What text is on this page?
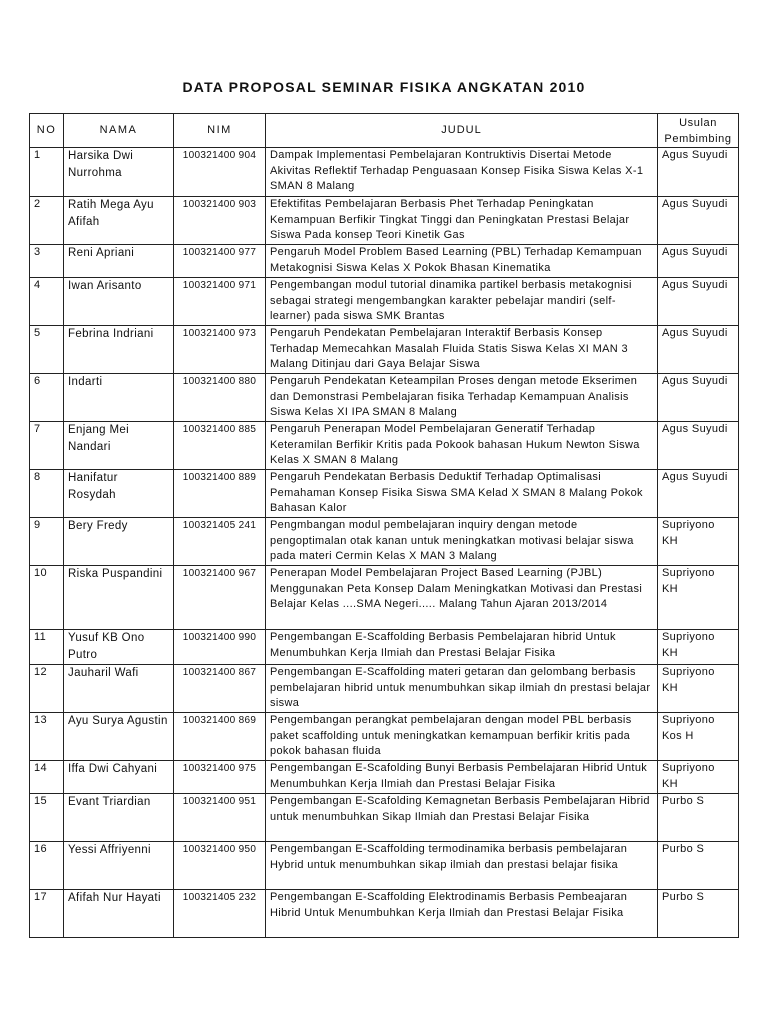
DATA PROPOSAL SEMINAR FISIKA ANGKATAN 2010
NO	NAMA	NIM	JUDUL	Usulan
Pembimbing

1	Harsika Dwi Nurrohma	100321400 904	Dampak Implementasi Pembelajaran Kontruktivis Disertai Metode Akivitas Reflektif Terhadap Penguasaan Konsep Fisika Siswa Kelas X-1 SMAN 8 Malang	Agus Suyudi
2	Ratih Mega Ayu Afifah	100321400 903	Efektifitas Pembelajaran Berbasis Phet Terhadap Peningkatan Kemampuan Berfikir Tingkat Tinggi dan Peningkatan Prestasi Belajar Siswa Pada konsep Teori Kinetik Gas	Agus Suyudi
3	Reni Apriani	100321400 977	Pengaruh Model Problem Based Learning (PBL) Terhadap Kemampuan Metakognisi Siswa Kelas X Pokok Bhasan Kinematika	Agus Suyudi
4	Iwan Arisanto	100321400 971	Pengembangan modul tutorial dinamika partikel berbasis metakognisi sebagai strategi mengembangkan karakter pebelajar mandiri (self-learner) pada siswa SMK Brantas	Agus Suyudi
5	Febrina Indriani	100321400 973	Pengaruh Pendekatan Pembelajaran Interaktif Berbasis Konsep Terhadap Memecahkan Masalah Fluida Statis Siswa Kelas XI MAN 3 Malang Ditinjau dari Gaya Belajar Siswa	Agus Suyudi
6	Indarti	100321400 880	Pengaruh Pendekatan Keteampilan Proses dengan metode Ekserimen dan Demonstrasi Pembelajaran fisika Terhadap Kemampuan Analisis Siswa Kelas XI IPA SMAN 8 Malang	Agus Suyudi
7	Enjang Mei Nandari	100321400 885	Pengaruh Penerapan Model Pembelajaran Generatif Terhadap Keteramilan Berfikir Kritis pada Pokook bahasan Hukum Newton Siswa Kelas X SMAN 8 Malang	Agus Suyudi
8	Hanifatur Rosydah	100321400 889	Pengaruh Pendekatan Berbasis Deduktif Terhadap Optimalisasi Pemahaman Konsep Fisika Siswa SMA Kelad X SMAN 8 Malang Pokok Bahasan Kalor	Agus Suyudi
9	Bery Fredy	100321405 241	Pengmbangan modul pembelajaran inquiry dengan metode pengoptimalan otak kanan untuk meningkatkan motivasi belajar siswa pada materi Cermin Kelas X MAN 3 Malang	Supriyono KH
10	Riska Puspandini	100321400 967	Penerapan Model Pembelajaran Project Based Learning (PJBL) Menggunakan Peta Konsep Dalam Meningkatkan Motivasi dan Prestasi Belajar Kelas ....SMA Negeri..... Malang Tahun Ajaran 2013/2014	Supriyono KH
11	Yusuf KB Ono Putro	100321400 990	Pengembangan E-Scaffolding Berbasis Pembelajaran hibrid Untuk Menumbuhkan Kerja Ilmiah dan Prestasi Belajar Fisika	Supriyono KH
12	Jauharil Wafi	100321400 867	Pengembangan E-Scaffolding materi getaran dan gelombang berbasis pembelajaran hibrid untuk menumbuhkan sikap ilmiah dn prestasi belajar siswa	Supriyono KH
13	Ayu Surya Agustin	100321400 869	Pengembangan perangkat pembelajaran dengan model PBL berbasis paket scaffolding untuk meningkatkan kemampuan berfikir kritis pada pokok bahasan fluida	Supriyono Kos H
14	Iffa Dwi Cahyani	100321400 975	Pengembangan E-Scafolding Bunyi Berbasis Pembelajaran Hibrid Untuk Menumbuhkan Kerja Ilmiah dan Prestasi Belajar Fisika	Supriyono KH
15	Evant Triardian	100321400 951	Pengembangan E-Scafolding Kemagnetan Berbasis Pembelajaran Hibrid untuk menumbuhkan Sikap Ilmiah dan Prestasi Belajar Fisika	Purbo S
16	Yessi Affriyenni	100321400 950	Pengembangan E-Scaffolding termodinamika berbasis pembelajaran Hybrid untuk menumbuhkan sikap ilmiah dan prestasi belajar fisika	Purbo S
17	Afifah Nur Hayati	100321405 232	Pengembangan E-Scaffolding Elektrodinamis Berbasis Pembeajaran Hibrid Untuk Menumbuhkan Kerja Ilmiah dan Prestasi Belajar Fisika	Purbo S
